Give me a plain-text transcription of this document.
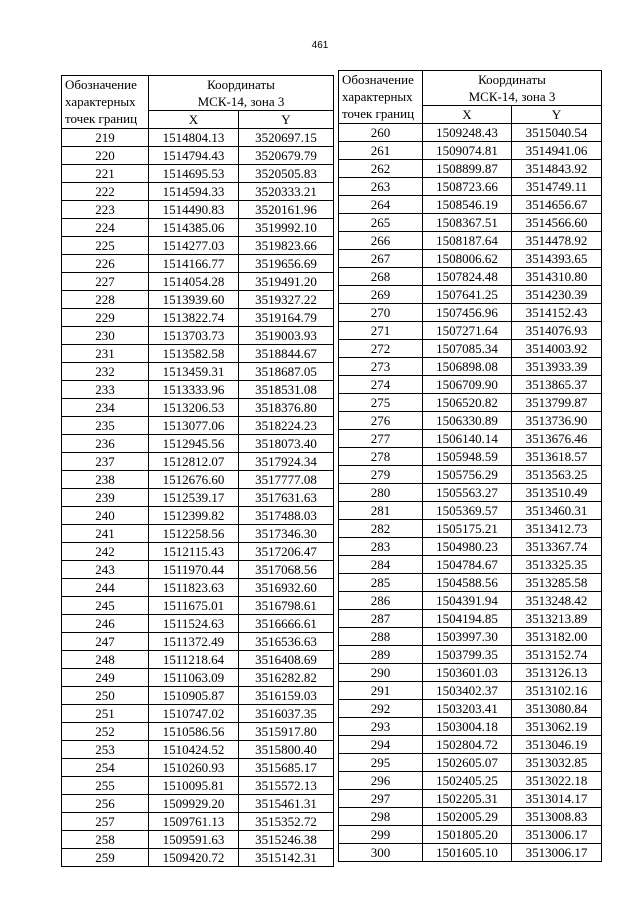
461
Обозначение
характерных
точек границ	Координаты
МСК-14, зона 3	

	X	Y
219	1514804.13	3520697.15
220	1514794.43	3520679.79
221	1514695.53	3520505.83
222	1514594.33	3520333.21
223	1514490.83	3520161.96
224	1514385.06	3519992.10
225	1514277.03	3519823.66
226	1514166.77	3519656.69
227	1514054.28	3519491.20
228	1513939.60	3519327.22
229	1513822.74	3519164.79
230	1513703.73	3519003.93
231	1513582.58	3518844.67
232	1513459.31	3518687.05
233	1513333.96	3518531.08
234	1513206.53	3518376.80
235	1513077.06	3518224.23
236	1512945.56	3518073.40
237	1512812.07	3517924.34
238	1512676.60	3517777.08
239	1512539.17	3517631.63
240	1512399.82	3517488.03
241	1512258.56	3517346.30
242	1512115.43	3517206.47
243	1511970.44	3517068.56
244	1511823.63	3516932.60
245	1511675.01	3516798.61
246	1511524.63	3516666.61
247	1511372.49	3516536.63
248	1511218.64	3516408.69
249	1511063.09	3516282.82
250	1510905.87	3516159.03
251	1510747.02	3516037.35
252	1510586.56	3515917.80
253	1510424.52	3515800.40
254	1510260.93	3515685.17
255	1510095.81	3515572.13
256	1509929.20	3515461.31
257	1509761.13	3515352.72
258	1509591.63	3515246.38
259	1509420.72	3515142.31
Обозначение
характерных
точек границ	Координаты
МСК-14, зона 3	

	X	Y
260	1509248.43	3515040.54
261	1509074.81	3514941.06
262	1508899.87	3514843.92
263	1508723.66	3514749.11
264	1508546.19	3514656.67
265	1508367.51	3514566.60
266	1508187.64	3514478.92
267	1508006.62	3514393.65
268	1507824.48	3514310.80
269	1507641.25	3514230.39
270	1507456.96	3514152.43
271	1507271.64	3514076.93
272	1507085.34	3514003.92
273	1506898.08	3513933.39
274	1506709.90	3513865.37
275	1506520.82	3513799.87
276	1506330.89	3513736.90
277	1506140.14	3513676.46
278	1505948.59	3513618.57
279	1505756.29	3513563.25
280	1505563.27	3513510.49
281	1505369.57	3513460.31
282	1505175.21	3513412.73
283	1504980.23	3513367.74
284	1504784.67	3513325.35
285	1504588.56	3513285.58
286	1504391.94	3513248.42
287	1504194.85	3513213.89
288	1503997.30	3513182.00
289	1503799.35	3513152.74
290	1503601.03	3513126.13
291	1503402.37	3513102.16
292	1503203.41	3513080.84
293	1503004.18	3513062.19
294	1502804.72	3513046.19
295	1502605.07	3513032.85
296	1502405.25	3513022.18
297	1502205.31	3513014.17
298	1502005.29	3513008.83
299	1501805.20	3513006.17
300	1501605.10	3513006.17
